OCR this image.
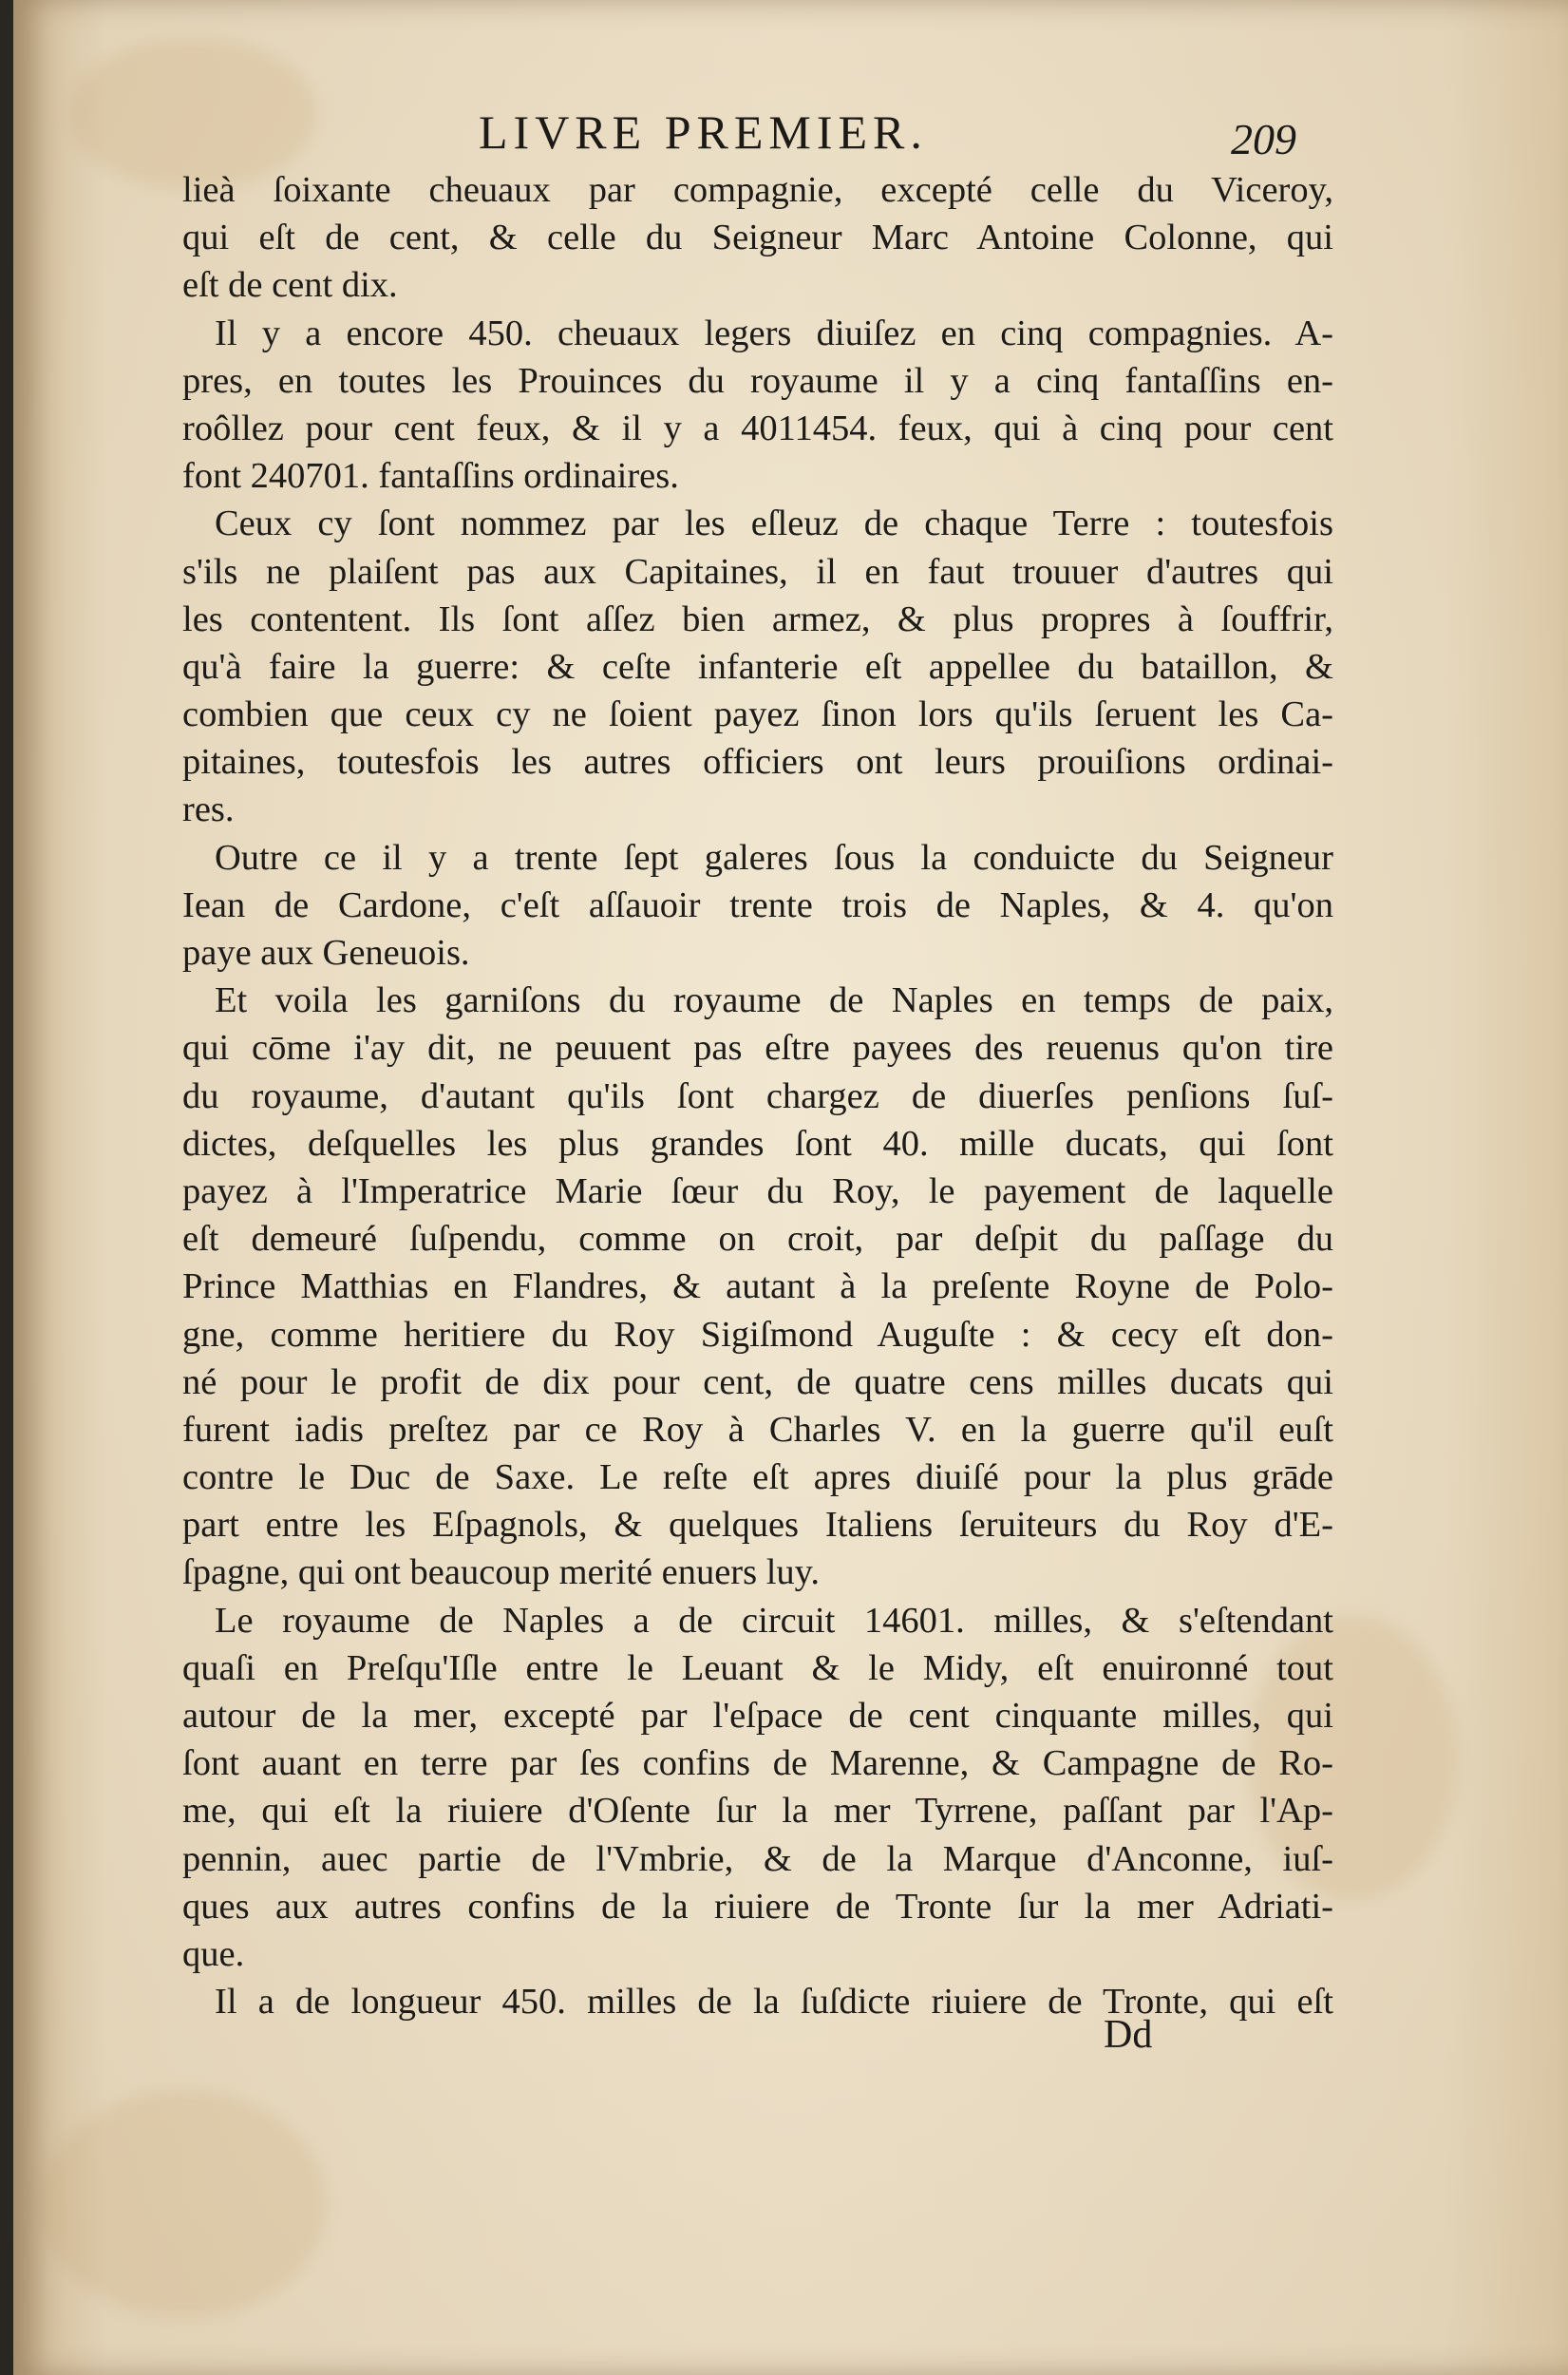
LIVRE PREMIER.	209
lieà ſoixante cheuaux par compagnie, excepté celle du Viceroy,
qui eſt de cent, & celle du Seigneur Marc Antoine Colonne, qui
eſt de cent dix.
Il y a encore 450. cheuaux legers diuiſez en cinq compagnies. A-
pres, en toutes les Prouinces du royaume il y a cinq fantaſſins en-
roôllez pour cent feux, & il y a 4011454. feux, qui à cinq pour cent
font 240701. fantaſſins ordinaires.
Ceux cy ſont nommez par les eſleuz de chaque Terre : toutesfois
s'ils ne plaiſent pas aux Capitaines, il en faut trouuer d'autres qui
les contentent. Ils ſont aſſez bien armez, & plus propres à ſouffrir,
qu'à faire la guerre: & ceſte infanterie eſt appellee du bataillon, &
combien que ceux cy ne ſoient payez ſinon lors qu'ils ſeruent les Ca-
pitaines, toutesfois les autres officiers ont leurs prouiſions ordinai-
res.
Outre ce il y a trente ſept galeres ſous la conduicte du Seigneur
Iean de Cardone, c'eſt aſſauoir trente trois de Naples, & 4. qu'on
paye aux Geneuois.
Et voila les garniſons du royaume de Naples en temps de paix,
qui cōme i'ay dit, ne peuuent pas eſtre payees des reuenus qu'on tire
du royaume, d'autant qu'ils ſont chargez de diuerſes penſions ſuſ-
dictes, deſquelles les plus grandes ſont 40. mille ducats, qui ſont
payez à l'Imperatrice Marie ſœur du Roy, le payement de laquelle
eſt demeuré ſuſpendu, comme on croit, par deſpit du paſſage du
Prince Matthias en Flandres, & autant à la preſente Royne de Polo-
gne, comme heritiere du Roy Sigiſmond Auguſte : & cecy eſt don-
né pour le profit de dix pour cent, de quatre cens milles ducats qui
furent iadis preſtez par ce Roy à Charles V. en la guerre qu'il euſt
contre le Duc de Saxe. Le reſte eſt apres diuiſé pour la plus grāde
part entre les Eſpagnols, & quelques Italiens ſeruiteurs du Roy d'E-
ſpagne, qui ont beaucoup merité enuers luy.
Le royaume de Naples a de circuit 14601. milles, & s'eſtendant
quaſi en Preſqu'Iſle entre le Leuant & le Midy, eſt enuironné tout
autour de la mer, excepté par l'eſpace de cent cinquante milles, qui
ſont auant en terre par ſes confins de Marenne, & Campagne de Ro-
me, qui eſt la riuiere d'Oſente ſur la mer Tyrrene, paſſant par l'Ap-
pennin, auec partie de l'Vmbrie, & de la Marque d'Anconne, iuſ-
ques aux autres confins de la riuiere de Tronte ſur la mer Adriati-
que.
Il a de longueur 450. milles de la ſuſdicte riuiere de Tronte, qui eſt
Dd
